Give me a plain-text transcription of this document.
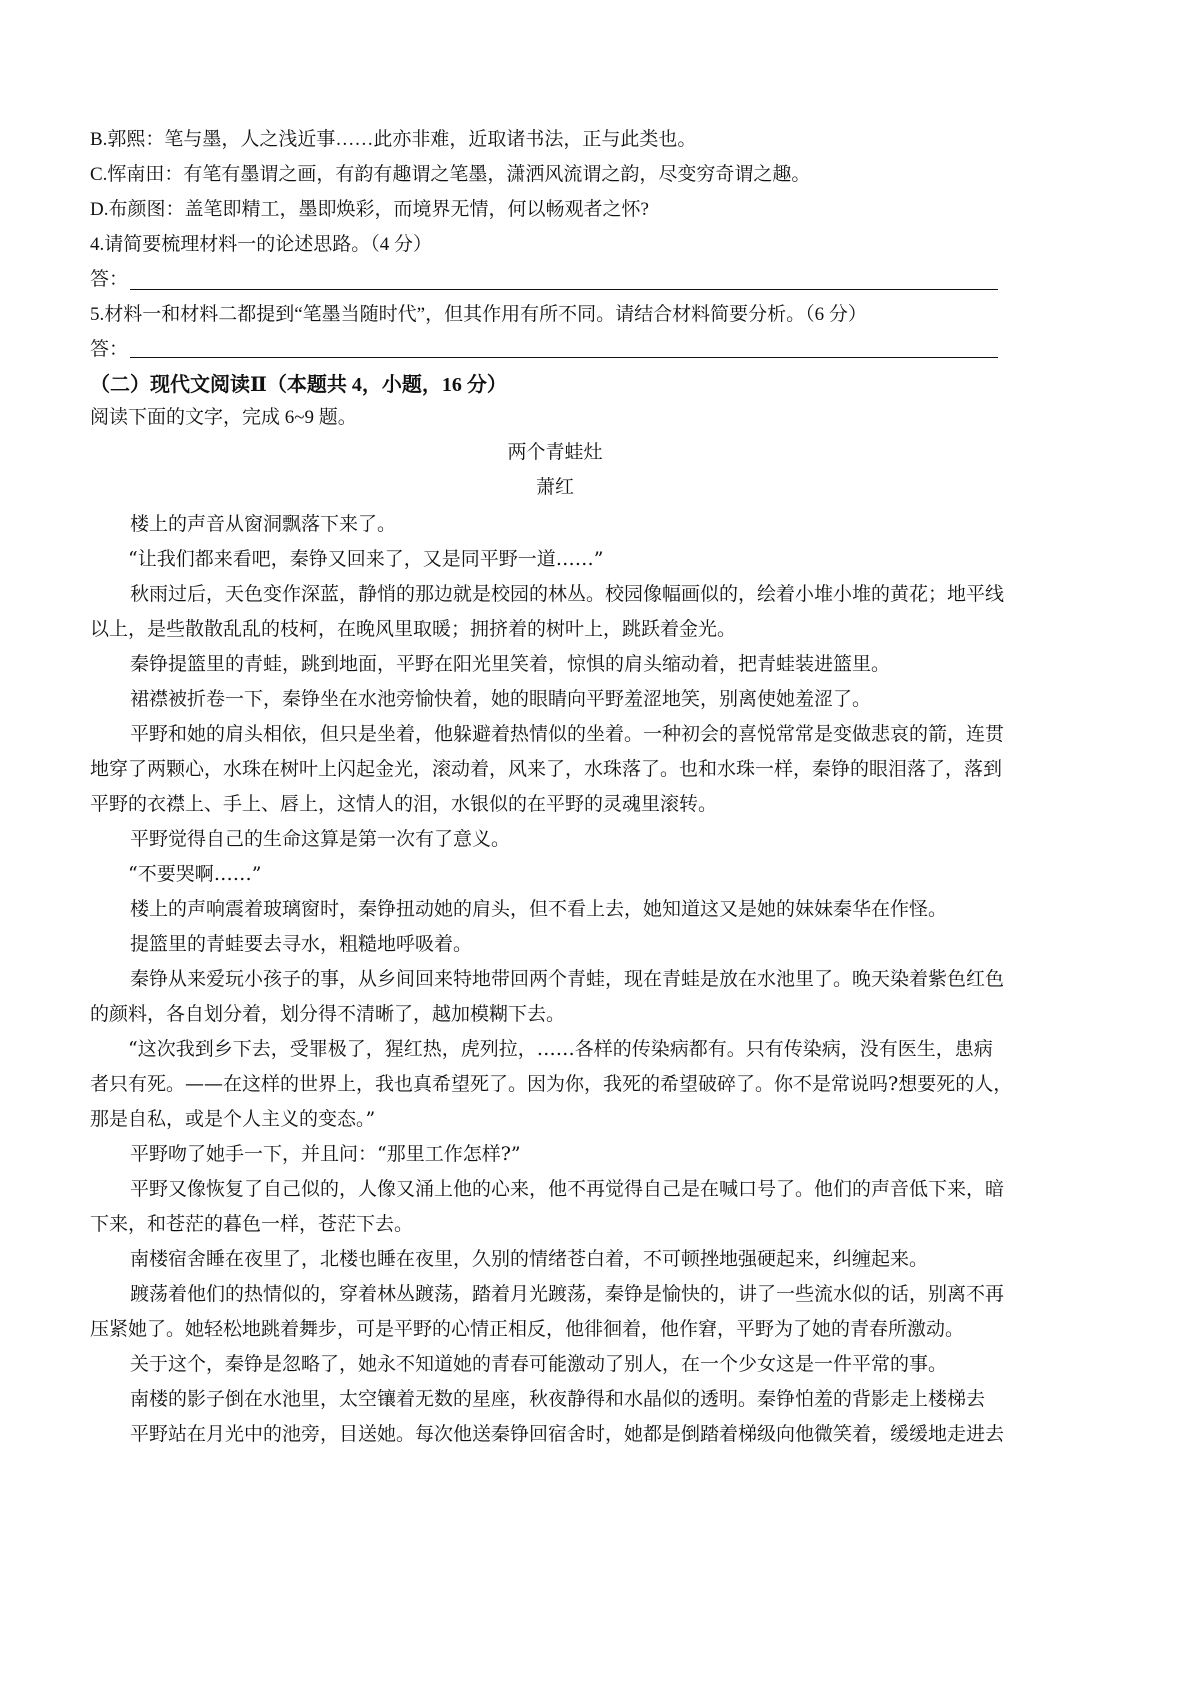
B.郭熙：笔与墨，人之浅近事……此亦非难，近取诸书法，正与此类也。
C.恽南田：有笔有墨谓之画，有韵有趣谓之笔墨，潇洒风流谓之韵，尽变穷奇谓之趣。
D.布颜图：盖笔即精工，墨即焕彩，而境界无情，何以畅观者之怀?
4.请简要梳理材料一的论述思路。（4 分）
答：
5.材料一和材料二都提到“笔墨当随时代”，但其作用有所不同。请结合材料简要分析。（6 分）
答：
（二）现代文阅读Ⅱ（本题共 4，小题，16 分）
阅读下面的文字，完成 6~9 题。
两个青蛙灶
萧红
楼上的声音从窗洞飘落下来了。
“让我们都来看吧，秦铮又回来了，又是同平野一道……”
秋雨过后，天色变作深蓝，静悄的那边就是校园的林丛。校园像幅画似的，绘着小堆小堆的黄花；地平线
以上，是些散散乱乱的枝柯，在晚风里取暖；拥挤着的树叶上，跳跃着金光。
秦铮提篮里的青蛙，跳到地面，平野在阳光里笑着，惊惧的肩头缩动着，把青蛙装进篮里。
裙襟被折卷一下，秦铮坐在水池旁愉快着，她的眼睛向平野羞涩地笑，别离使她羞涩了。
平野和她的肩头相依，但只是坐着，他躲避着热情似的坐着。一种初会的喜悦常常是变做悲哀的箭，连贯
地穿了两颗心，水珠在树叶上闪起金光，滚动着，风来了，水珠落了。也和水珠一样，秦铮的眼泪落了，落到
平野的衣襟上、手上、唇上，这情人的泪，水银似的在平野的灵魂里滚转。
平野觉得自己的生命这算是第一次有了意义。
“不要哭啊……”
楼上的声响震着玻璃窗时，秦铮扭动她的肩头，但不看上去，她知道这又是她的妹妹秦华在作怪。
提篮里的青蛙要去寻水，粗糙地呼吸着。
秦铮从来爱玩小孩子的事，从乡间回来特地带回两个青蛙，现在青蛙是放在水池里了。晚天染着紫色红色
的颜料，各自划分着，划分得不清晰了，越加模糊下去。
“这次我到乡下去，受罪极了，猩红热，虎列拉，……各样的传染病都有。只有传染病，没有医生，患病
者只有死。——在这样的世界上，我也真希望死了。因为你，我死的希望破碎了。你不是常说吗?想要死的人，
那是自私，或是个人主义的变态。”
平野吻了她手一下，并且问：“那里工作怎样?”
平野又像恢复了自己似的，人像又涌上他的心来，他不再觉得自己是在喊口号了。他们的声音低下来，暗
下来，和苍茫的暮色一样，苍茫下去。
南楼宿舍睡在夜里了，北楼也睡在夜里，久别的情绪苍白着，不可顿挫地强硬起来，纠缠起来。
踱荡着他们的热情似的，穿着林丛踱荡，踏着月光踱荡，秦铮是愉快的，讲了一些流水似的话，别离不再
压紧她了。她轻松地跳着舞步，可是平野的心情正相反，他徘徊着，他作窘，平野为了她的青春所激动。
关于这个，秦铮是忽略了，她永不知道她的青春可能激动了别人，在一个少女这是一件平常的事。
南楼的影子倒在水池里，太空镶着无数的星座，秋夜静得和水晶似的透明。秦铮怕羞的背影走上楼梯去
平野站在月光中的池旁，目送她。每次他送秦铮回宿舍时，她都是倒踏着梯级向他微笑着，缓缓地走进去
